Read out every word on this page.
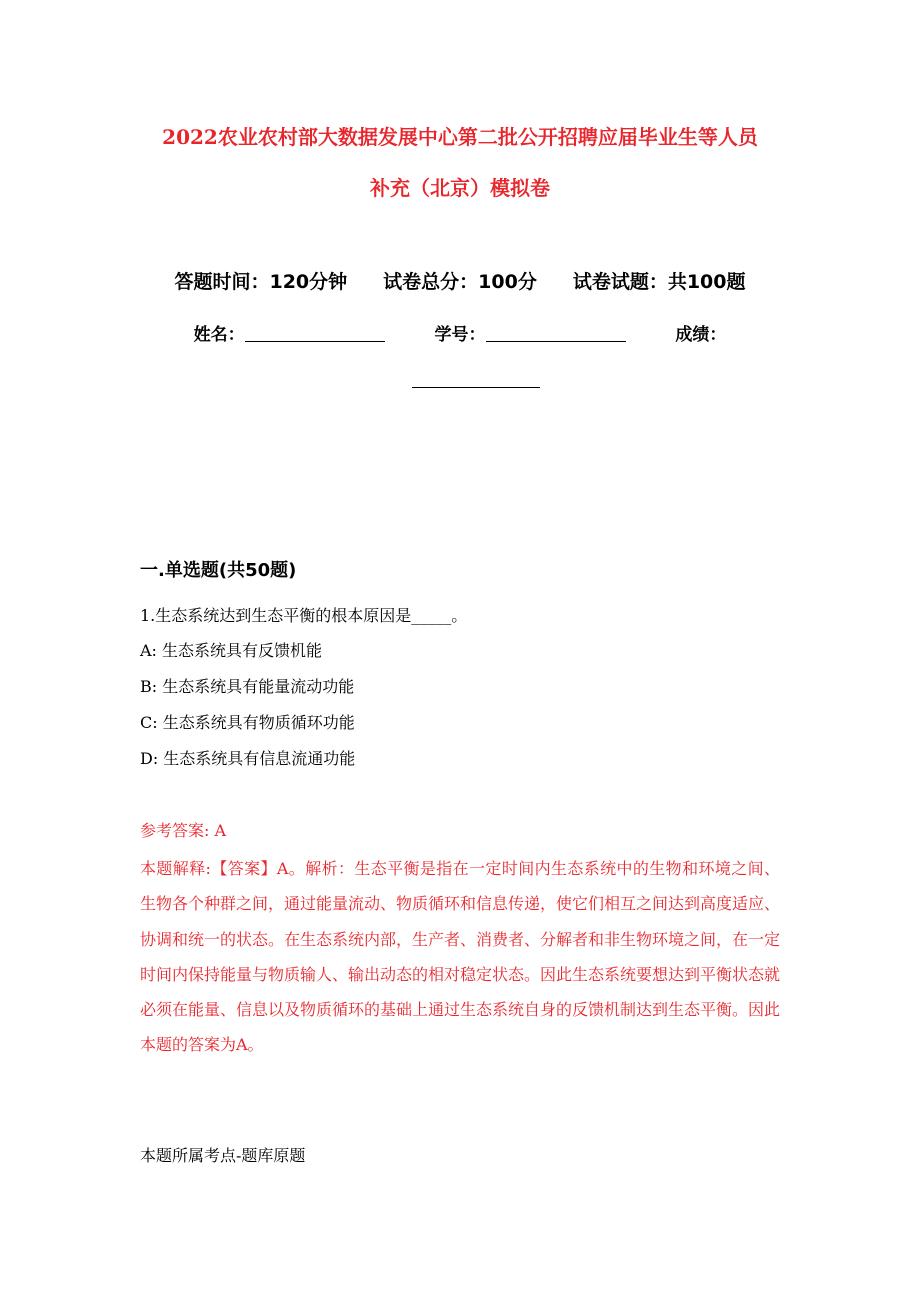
2022农业农村部大数据发展中心第二批公开招聘应届毕业生等人员
补充（北京）模拟卷
答题时间：120分钟 试卷总分：100分 试卷试题：共100题
姓名：	学号：	成绩：
一.单选题(共50题)
1.生态系统达到生态平衡的根本原因是_____。
A: 生态系统具有反馈机能
B: 生态系统具有能量流动功能
C: 生态系统具有物质循环功能
D: 生态系统具有信息流通功能
参考答案: A

本题解释:【答案】A。解析：生态平衡是指在一定时间内生态系统中的生物和环境之间、生物各个种群之间，通过能量流动、物质循环和信息传递，使它们相互之间达到高度适应、协调和统一的状态。在生态系统内部，生产者、消费者、分解者和非生物环境之间，在一定时间内保持能量与物质输人、输出动态的相对稳定状态。因此生态系统要想达到平衡状态就必须在能量、信息以及物质循环的基础上通过生态系统自身的反馈机制达到生态平衡。因此本题的答案为A。

本题所属考点-题库原题
